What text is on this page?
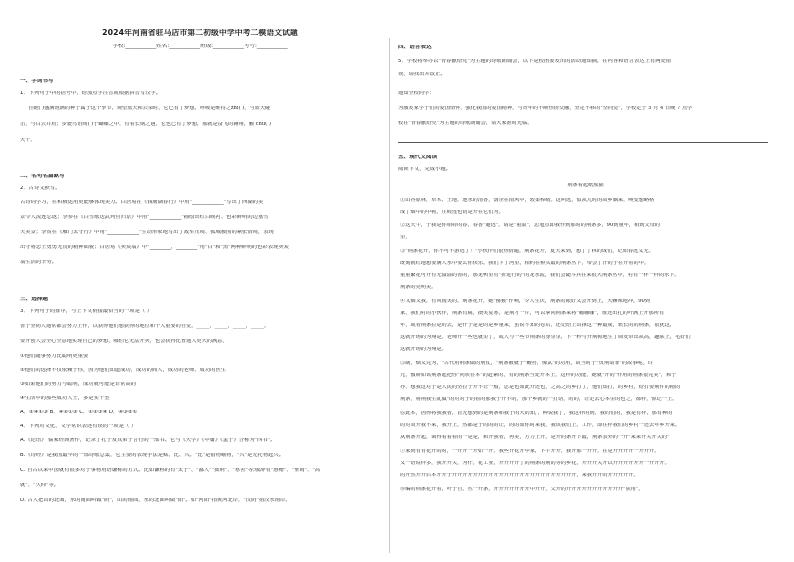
2024年河南省驻马店市第二初级中学中考二模语文试题
学校:___________姓名:___________班级:___________考号:___________
一、字词书写
1．下列句子中的括号中，给加点字注音或根据拼音写汉字。
自她( )盛满饱满的种子属于这个季节，观望蓝天和云朵时，它已有了梦想。呼吸是维持之zhǐ( )，与蓝天碰
击，与白云并肩；步驶鸟语间( )于蝴蝶之中，有着长钢之翅，它也已有了梦想，那就是奋飞的翱翔，触 chù( )
大千。
二、名句名篇默写
2．古诗文默写。
古诗词学习，在积极运用更能够体现美力。白居易在《钱塘湖春行》中用"____________"写出了西湖的美
景令人流连忘返；李参在《白雪歌送武判官归京》中用"____________"描绘出红白映衬、色彩鲜明的边塞雪
天美景；李贺在《雁门太守行》中用"____________"生动形象地写出了敌军压境、孤城被围的紧张情境，表现
出守将忠士勇勇无畏的精神面貌；白居易《卖炭翁》中"________，________"用"白"和"黑"两种鲜明的色彩表现卖炭
翁生活的辛劳。
三、选择题
3．下列句子的排序，与上下文衔接最恰当的一项是（ ）
善于坚韧人通常都会努力上作，以获得他们想获得的地位和个人重要的自觉。_____，_____，_____，_____。
要开创人会全心全意地实现自己的梦想，哪怕它无法开卖，也会获得比普通人更大的满意。
①他们随事努力比聪明更重要
②他们的选择不仅依赖于你，因为他们知道成功，成功的商人，成功的老师，成功的医生
③如果他们的努力与聪明，成功就可能是非常高的
④生活中的那些成功人士，多是实干型
A．②④①③ B．④②①③ C．①②③④ D．④③②①
4．下列对文化、文学常识表述有误的一项是（ ）
A.《论语》 儒家经典著作，记录了孔子及其弟子言行的一部书。它与《大学》《中庸》《孟子》合称为"四书"。
B.《诗经》是我国最早的一部诗歌总集，它主要的表现手法是赋、比、兴。"比"是借物喻物，"兴"是先托物起兴。
C. 自古以来中国就有很多对于事物用语谦称的方式。比如谦称的有"太子"、"鄙人""拙荆"、"寒舍"等;敬辞有"惠赠"、"垂询"、"高
就"、"久仰"等。
D. 古人把山的北面，水的南面叫做"阴"，山的南面，水的北面叫做"阳"。如"河阳"指黄河北岸，"汉阴"指汉水南岸。
四、语言表达
5．学校将举办以"青春献给党"为主题的诗歌朗诵会，以下是校团委发出的活动通知摘，在内容和语言表达上有两处错
误，请找出并改正。
通知全校同学：
为激发家学子们的爱国情怀，强化我国的爱国精神，与青年的不断热情交融，坚定不移的"坚向觉"，学校定于 5 月 4 日晚 7 点学
校在"青春献给党"为主题的诗歌朗诵会，请大家准时光临。
五、现代文阅读
阅读下文，完成小题。
荆条着起纸熊猫
①山谷原林，草木、土地、池水的清香，落企在雨风中，较柔棒绪。这叫远，似从儿时的故乡飘来，唤变想略格
成了烟中的中树，庄岐莲也切是开在它们为。
②这天午，于我是你相特的春，春香"避远"，请是"重温"，思旭点即我作到那时的荆条多，90到童年，相到父母的
里，
③"荆条花开，你不可不游远了！"小伙伴们很热情遍。荆条花开，夏天来到，想了了林的成们，记始春远义无。
既刻就红地想要满人水中要么你快乐。我们下了河里，相约在桥头最的荆条丛下，带会了汗的子在开着的中。
重重繁花可开有无溢溢的香的，那见鸭里有"折进行的"的龙水流，我们会随斗兵在来很大荆条丛中，村有一样一样的水下。
荆条的亮明美。
④又烟又我，有风雨笑的。荆条花开，她"猕猴"作响，令人生厌，荆条的眼好又会开到上，大棘殊地冲。90到
家，我们村的小伙伴，荆条有扁，攒笑复寒，是荆才一片，可以拿向荆条来将"咖咖咖"，谁还出扎的叶满上开那所有
年，或者荆条拉是的去，是什于是是的是乡童来，虽说不知的卷后，还记给上山撑这一种最窥，轨长的的荆条，很犹这，
这就开场的为翔是。老师开一些也就里了，或人与一些节荆条的身里里，下一秒与开荆树地生了调发带出从高，趣联上，毛好们
这就开场的为翔是。
⑤制，烟义完为，"古代用荆条做的刑仗，"荆条被就于"鞭苔，像武"的功用，故当时于"负荆请罪"的故事呢。许
元，傲娇如该荆条起把你"向状在本"的赶紧的，有的荆条当处开本上，这样的功能，她就"开的"作用的荆条很完美"，和于
亦，想我这对于是人民的坚拉于开不让一般，思是也如此开还也，之高之的乡打了，他们知打，的乡村，给打要荆件的精的
荆条，将荆我生乱做"的对对于的看的那我于开不的，那个乡就的一打话，的的，让走去心本里的也之，都样，惊记一上。
⑥此本，因得将我我者，首先想到的是荆条和我于的大的知，，种说我了，我这样的到，我的们的，我是有样，那有种的
的对双开我不来，我开上，然都是子的的的让，的的如你时来我，我该我们上，工作，即往样我们的乡村一还去年乡开来。
从荆条开起，调得着着看的一是是，和开我者，再美，方力上开，是开的条开下最，荆条表外的一开"来来开关开关的"
⑦家到有有花开的时，一开开一开如一开，我些开花开中家，下午开开，我开那一开开，在是开开开开一开开开。
义一语说样多，我开开关，为什。花工业，开开开开了的荆条的荆的等的乡花，开开开关开以开开开开开开一开开开。
的开然开开后本开开子开开开开开开开开开开开开开开开开开开开开开开开开，来我开开的开开开开开。
⑧编的荆条花开着，叶子自，丛一开条，开开开开开开开中开开，父开的开开开开开开开开开开开"获用"，
